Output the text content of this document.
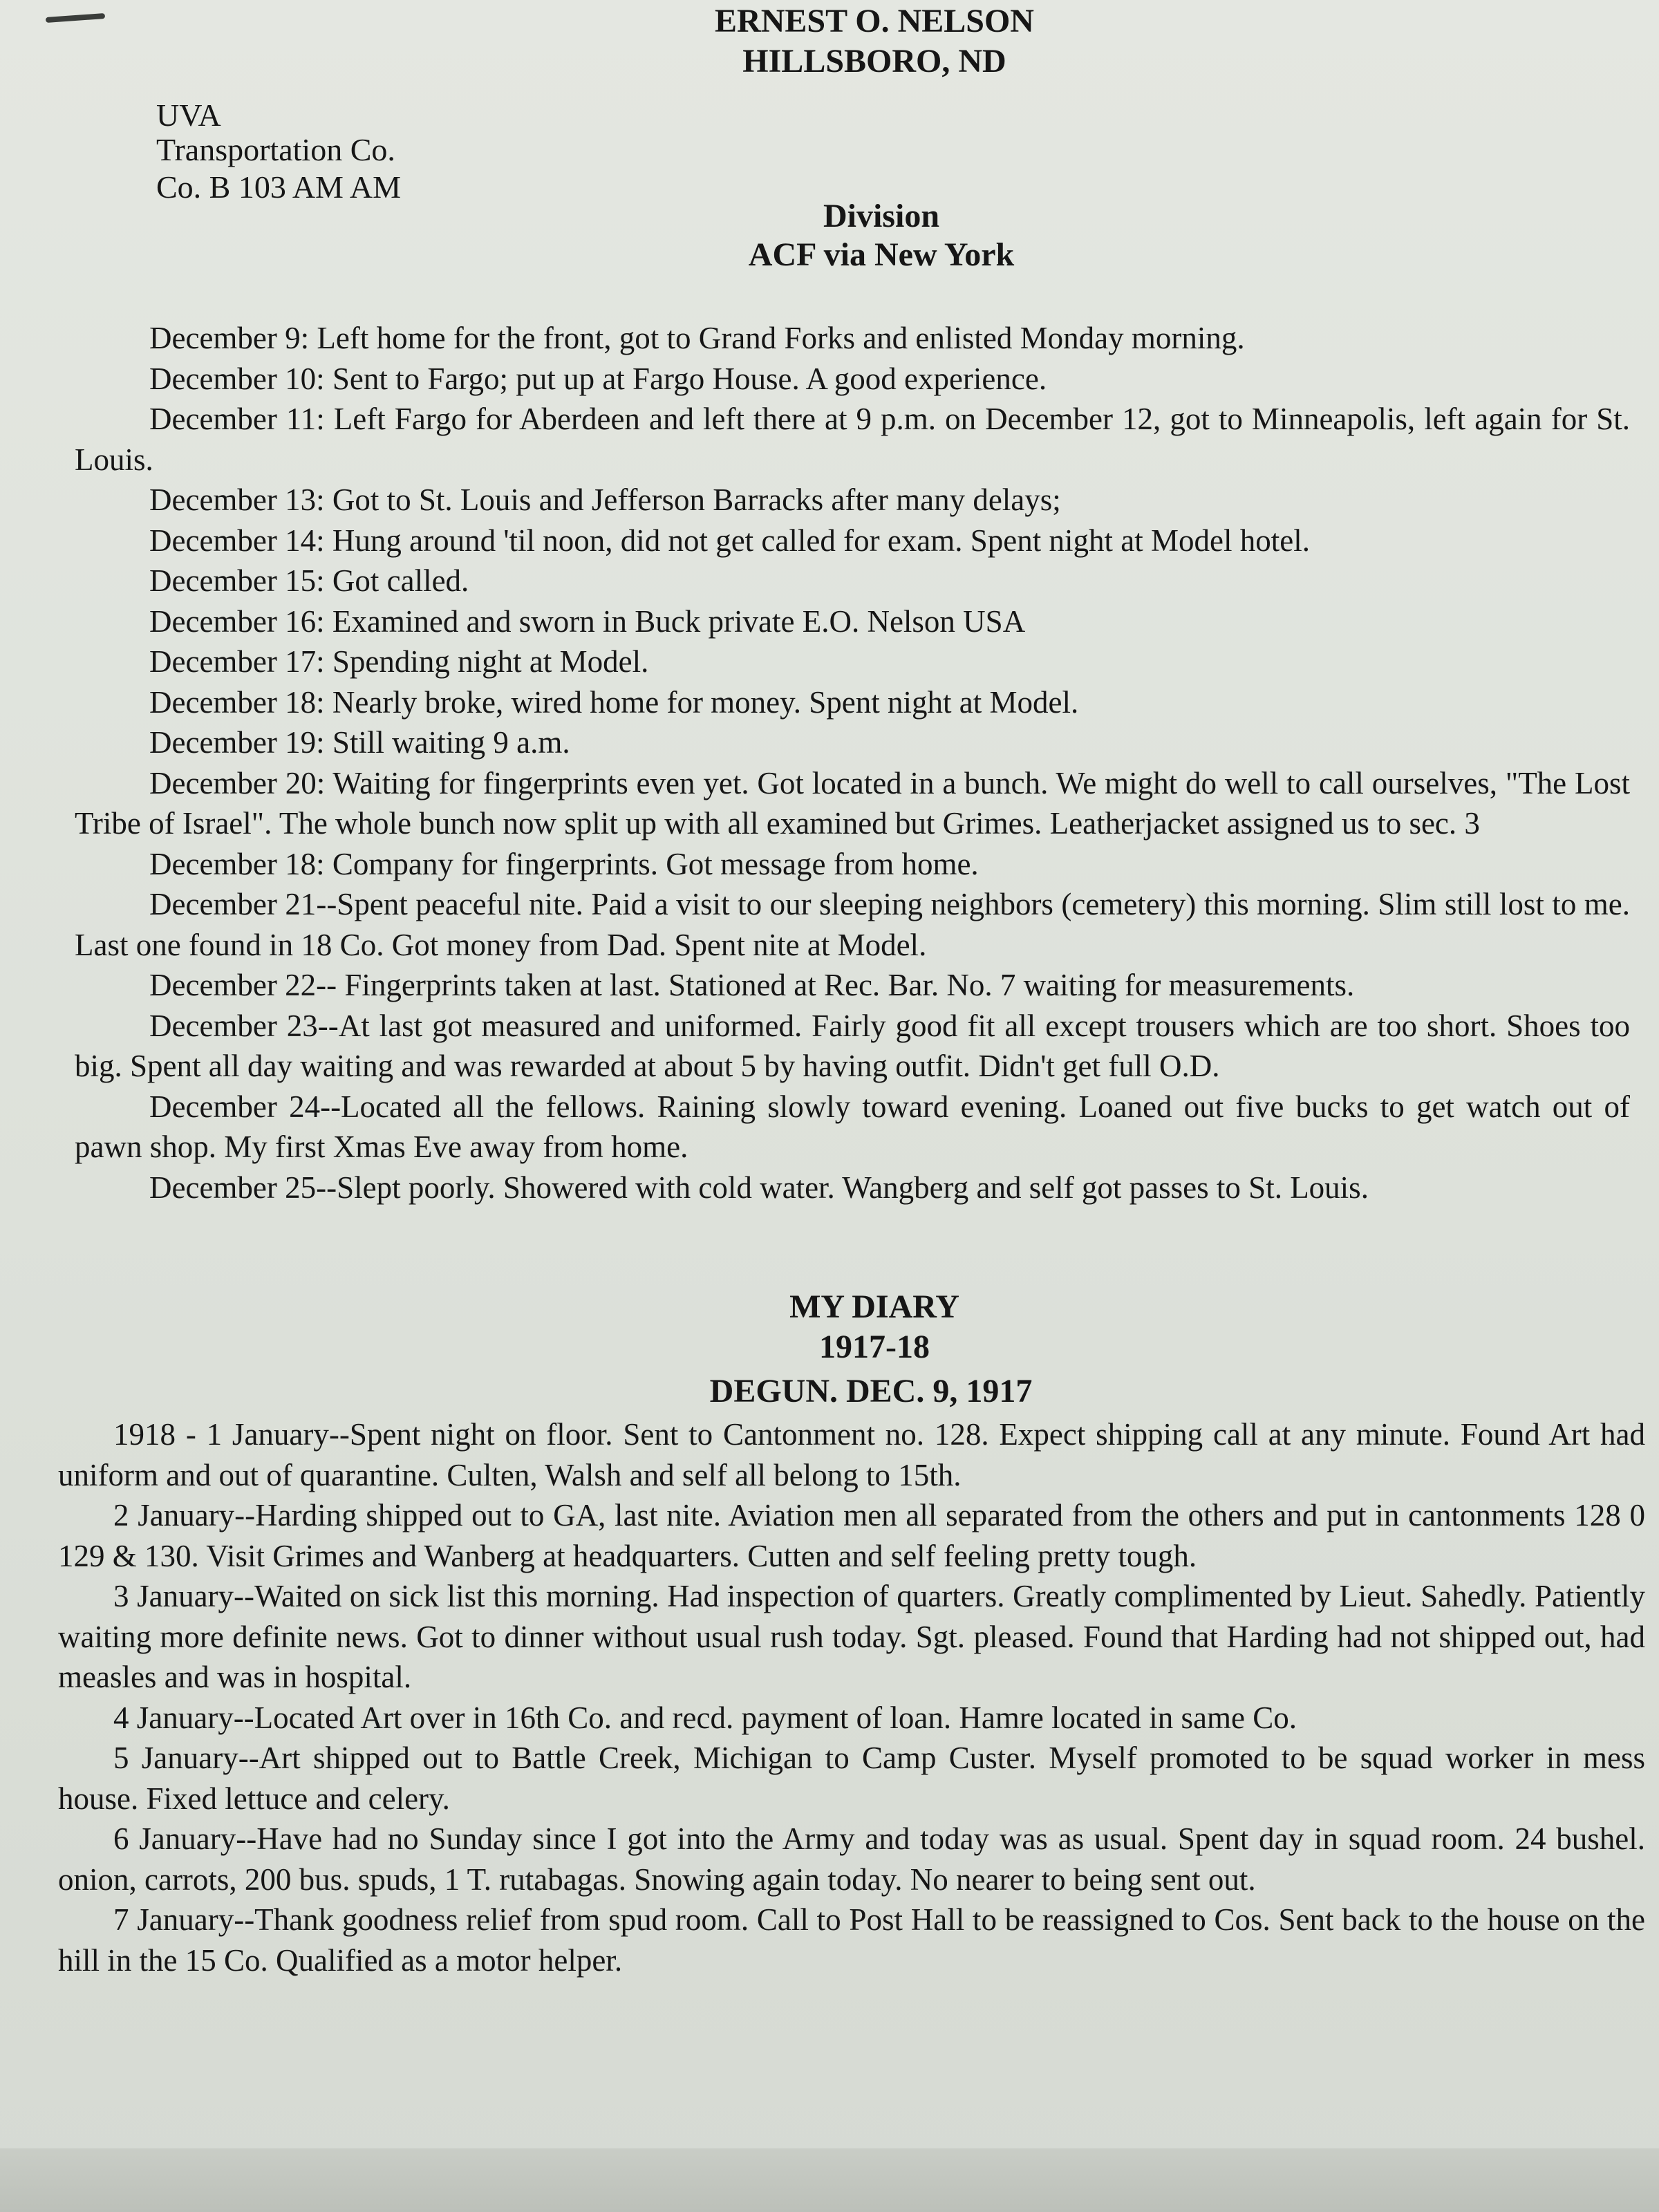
ERNEST O. NELSON
HILLSBORO, ND
UVA
Transportation Co.
Co. B 103 AM AM
Division
ACF via New York

December 9: Left home for the front, got to Grand Forks and enlisted Monday morning.

December 10: Sent to Fargo; put up at Fargo House. A good experience.

December 11: Left Fargo for Aberdeen and left there at 9 p.m. on December 12, got to Minneapolis, left again for St. Louis.

December 13: Got to St. Louis and Jefferson Barracks after many delays;

December 14: Hung around 'til noon, did not get called for exam. Spent night at Model hotel.

December 15: Got called.

December 16: Examined and sworn in Buck private E.O. Nelson USA

December 17: Spending night at Model.

December 18: Nearly broke, wired home for money. Spent night at Model.

December 19: Still waiting 9 a.m.

December 20: Waiting for fingerprints even yet. Got located in a bunch. We might do well to call ourselves, "The Lost Tribe of Israel". The whole bunch now split up with all examined but Grimes. Leatherjacket assigned us to sec. 3

December 18: Company for fingerprints. Got message from home.

December 21--Spent peaceful nite. Paid a visit to our sleeping neighbors (cemetery) this morning. Slim still lost to me. Last one found in 18 Co. Got money from Dad. Spent nite at Model.

December 22-- Fingerprints taken at last. Stationed at Rec. Bar. No. 7 waiting for measurements.

December 23--At last got measured and uniformed. Fairly good fit all except trousers which are too short. Shoes too big. Spent all day waiting and was rewarded at about 5 by having outfit. Didn't get full O.D.

December 24--Located all the fellows. Raining slowly toward evening. Loaned out five bucks to get watch out of pawn shop. My first Xmas Eve away from home.

December 25--Slept poorly. Showered with cold water. Wangberg and self got passes to St. Louis.

MY DIARY
1917-18
DEGUN. DEC. 9, 1917

1918 - 1 January--Spent night on floor. Sent to Cantonment no. 128. Expect shipping call at any minute. Found Art had uniform and out of quarantine. Culten, Walsh and self all belong to 15th.

2 January--Harding shipped out to GA, last nite. Aviation men all separated from the others and put in cantonments 128 0 129 & 130. Visit Grimes and Wanberg at headquarters. Cutten and self feeling pretty tough.

3 January--Waited on sick list this morning. Had inspection of quarters. Greatly complimented by Lieut. Sahedly. Patiently waiting more definite news. Got to dinner without usual rush today. Sgt. pleased. Found that Harding had not shipped out, had measles and was in hospital.

4 January--Located Art over in 16th Co. and recd. payment of loan. Hamre located in same Co.

5 January--Art shipped out to Battle Creek, Michigan to Camp Custer. Myself promoted to be squad worker in mess house. Fixed lettuce and celery.

6 January--Have had no Sunday since I got into the Army and today was as usual. Spent day in squad room. 24 bushel. onion, carrots, 200 bus. spuds, 1 T. rutabagas. Snowing again today. No nearer to being sent out.

7 January--Thank goodness relief from spud room. Call to Post Hall to be reassigned to Cos. Sent back to the house on the hill in the 15 Co. Qualified as a motor helper.
